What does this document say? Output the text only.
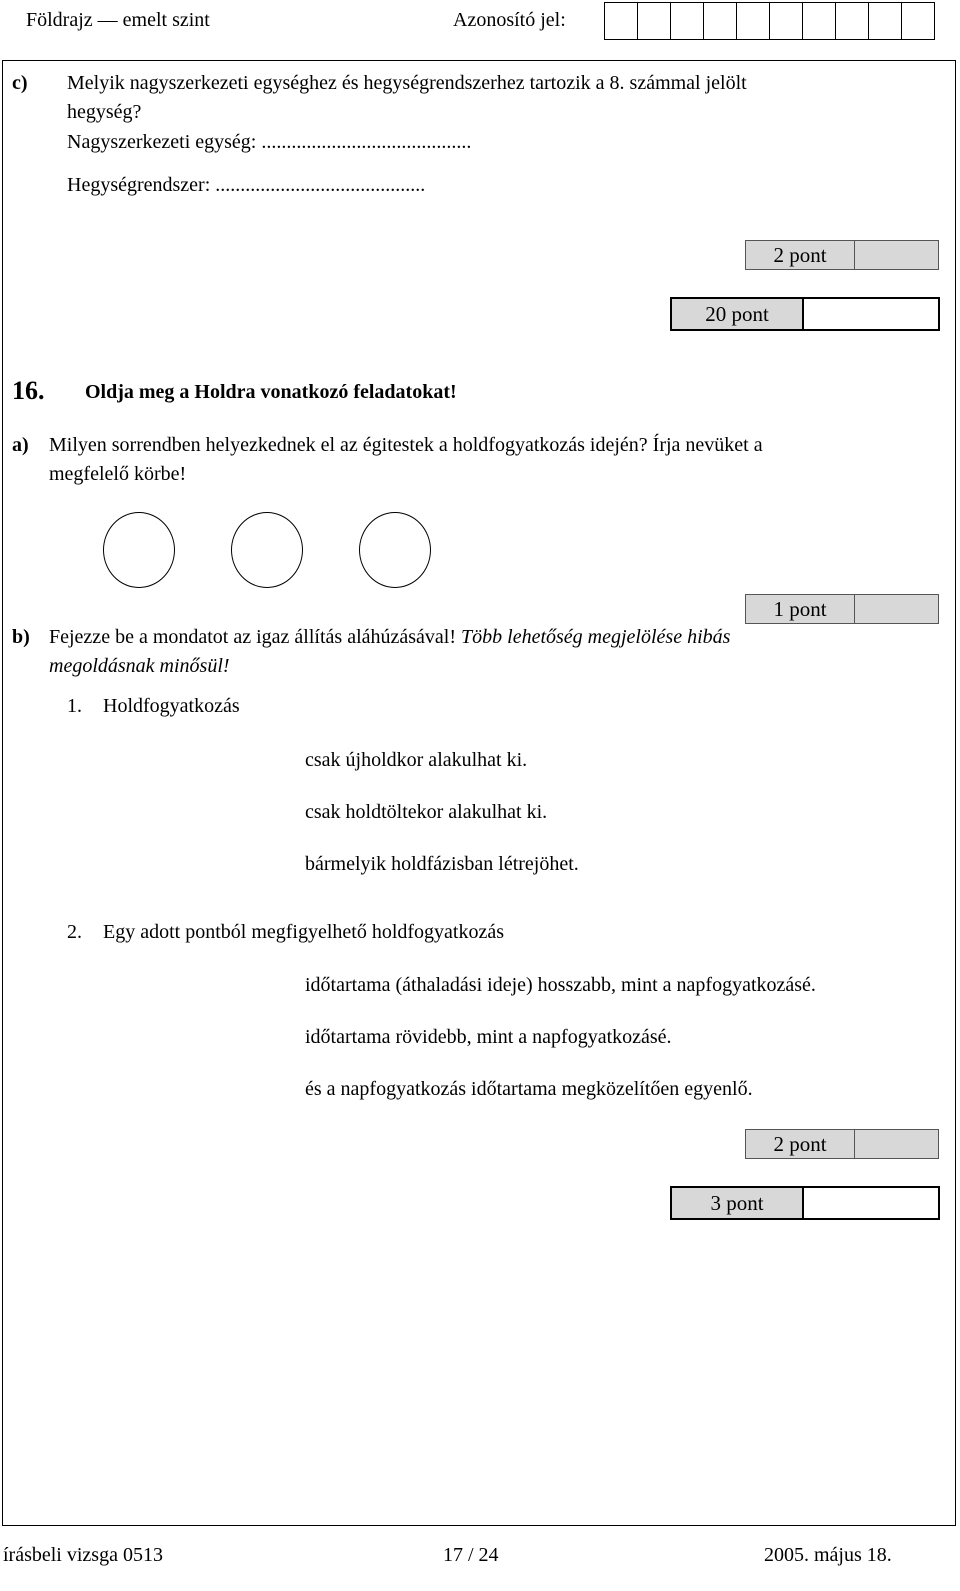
Földrajz — emelt szint	Azonosító jel:
c) Melyik nagyszerkezeti egységhez és hegységrendszerhez tartozik a 8. számmal jelölt
hegység?
Nagyszerkezeti egység: ..........................................
Hegységrendszer: ..........................................
2 pont
20 pont
16. Oldja meg a Holdra vonatkozó feladatokat!
a) Milyen sorrendben helyezkednek el az égitestek a holdfogyatkozás idején? Írja nevüket a
megfelelő körbe!
1 pont
b) Fejezze be a mondatot az igaz állítás aláhúzásával! Több lehetőség megjelölése hibás
megoldásnak minősül!
1. Holdfogyatkozás
csak újholdkor alakulhat ki.
csak holdtöltekor alakulhat ki.
bármelyik holdfázisban létrejöhet.
2. Egy adott pontból megfigyelhető holdfogyatkozás
időtartama (áthaladási ideje) hosszabb, mint a napfogyatkozásé.
időtartama rövidebb, mint a napfogyatkozásé.
és a napfogyatkozás időtartama megközelítően egyenlő.
2 pont
3 pont
írásbeli vizsga 0513	17 / 24	2005. május 18.
